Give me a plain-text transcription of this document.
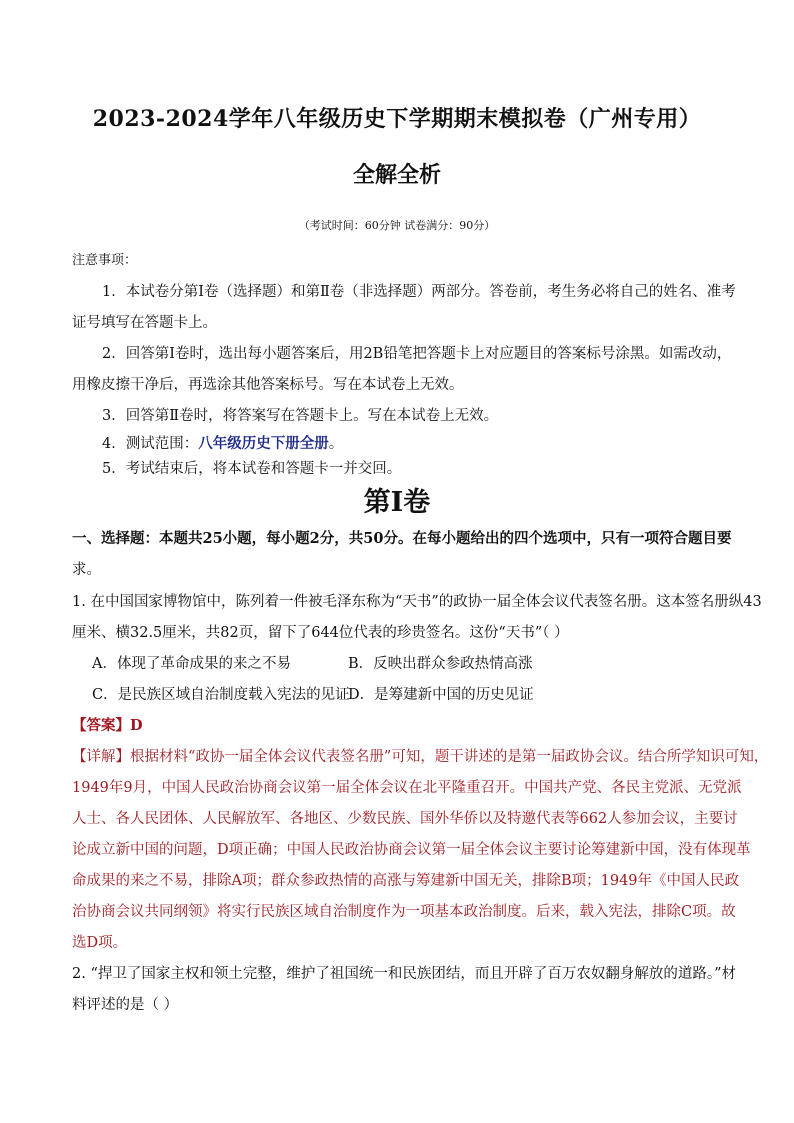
2023-2024学年八年级历史下学期期末模拟卷（广州专用）
全解全析
（考试时间：60分钟 试卷满分：90分）
注意事项：
1．本试卷分第Ⅰ卷（选择题）和第Ⅱ卷（非选择题）两部分。答卷前，考生务必将自己的姓名、准考
证号填写在答题卡上。
2．回答第Ⅰ卷时，选出每小题答案后，用2B铅笔把答题卡上对应题目的答案标号涂黑。如需改动，
用橡皮擦干净后，再选涂其他答案标号。写在本试卷上无效。
3．回答第Ⅱ卷时，将答案写在答题卡上。写在本试卷上无效。
4．测试范围：八年级历史下册全册。
5．考试结束后，将本试卷和答题卡一并交回。
第Ⅰ卷
一、选择题：本题共25小题，每小题2分，共50分。在每小题给出的四个选项中，只有一项符合题目要
求。
1. 在中国国家博物馆中，陈列着一件被毛泽东称为“天书”的政协一届全体会议代表签名册。这本签名册纵43
厘米、横32.5厘米，共82页，留下了644位代表的珍贵签名。这份“天书”（ ）
A．体现了革命成果的来之不易	B．反映出群众参政热情高涨
C．是民族区域自治制度载入宪法的见证
D．是筹建新中国的历史见证
【答案】D
【详解】根据材料“政协一届全体会议代表签名册”可知，题干讲述的是第一届政协会议。结合所学知识可知，
1949年9月，中国人民政治协商会议第一届全体会议在北平隆重召开。中国共产党、各民主党派、无党派
人士、各人民团体、人民解放军、各地区、少数民族、国外华侨以及特邀代表等662人参加会议，主要讨
论成立新中国的问题，D项正确；中国人民政治协商会议第一届全体会议主要讨论筹建新中国，没有体现革
命成果的来之不易，排除A项；群众参政热情的高涨与筹建新中国无关，排除B项；1949年《中国人民政
治协商会议共同纲领》将实行民族区域自治制度作为一项基本政治制度。后来，载入宪法，排除C项。故
选D项。
2. “捍卫了国家主权和领土完整，维护了祖国统一和民族团结，而且开辟了百万农奴翻身解放的道路。”材
料评述的是（ ）
